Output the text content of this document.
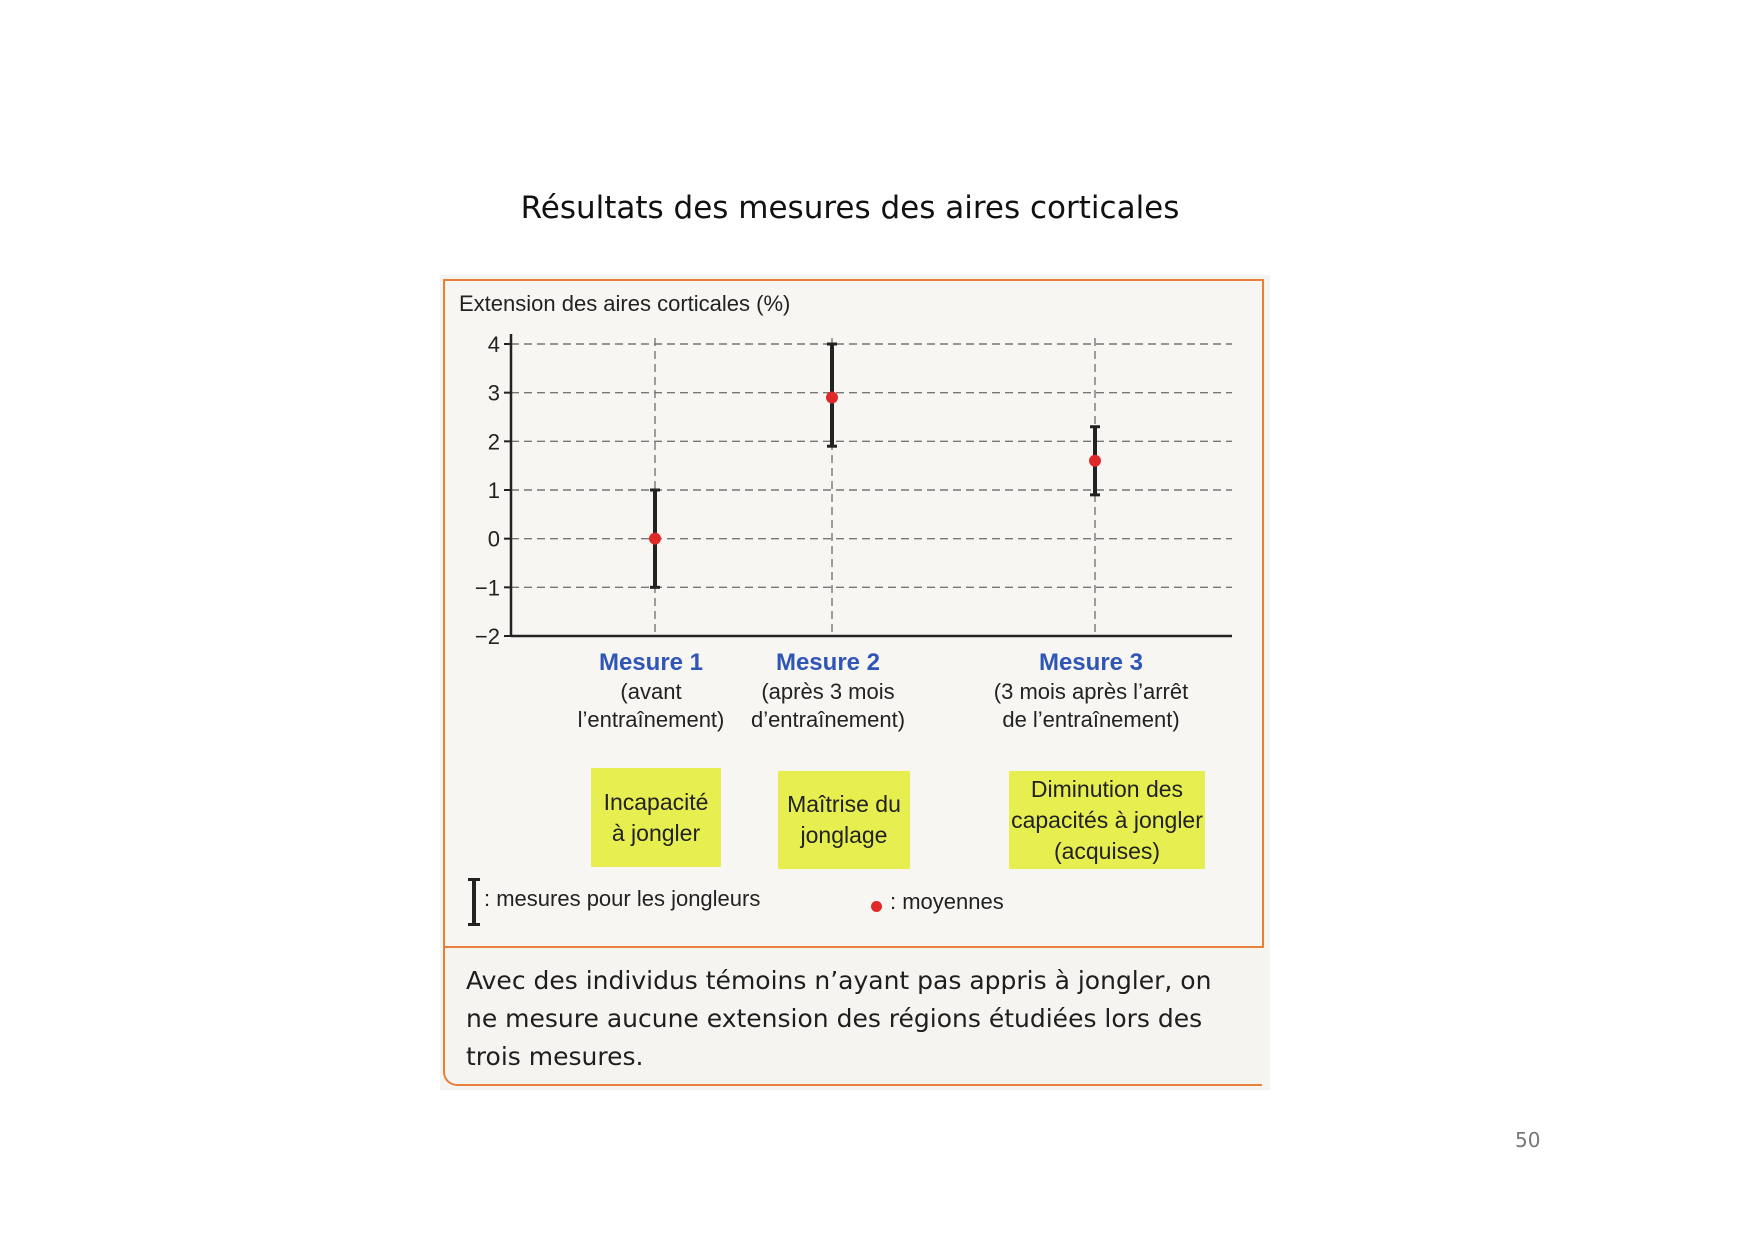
Résultats des mesures des aires corticales
Extension des aires corticales (%)
4
3
2
1
0
−1
−2
Mesure 1
(avant
l’entraînement)
Mesure 2
(après 3 mois
d’entraînement)
Mesure 3
(3 mois après l’arrêt
de l’entraînement)
Incapacité
à jongler
Maîtrise du
jonglage
Diminution des
capacités à jongler
(acquises)
: mesures pour les jongleurs	: moyennes
Avec des individus témoins n’ayant pas appris à jongler, on ne mesure aucune extension des régions étudiées lors des trois mesures.
50
